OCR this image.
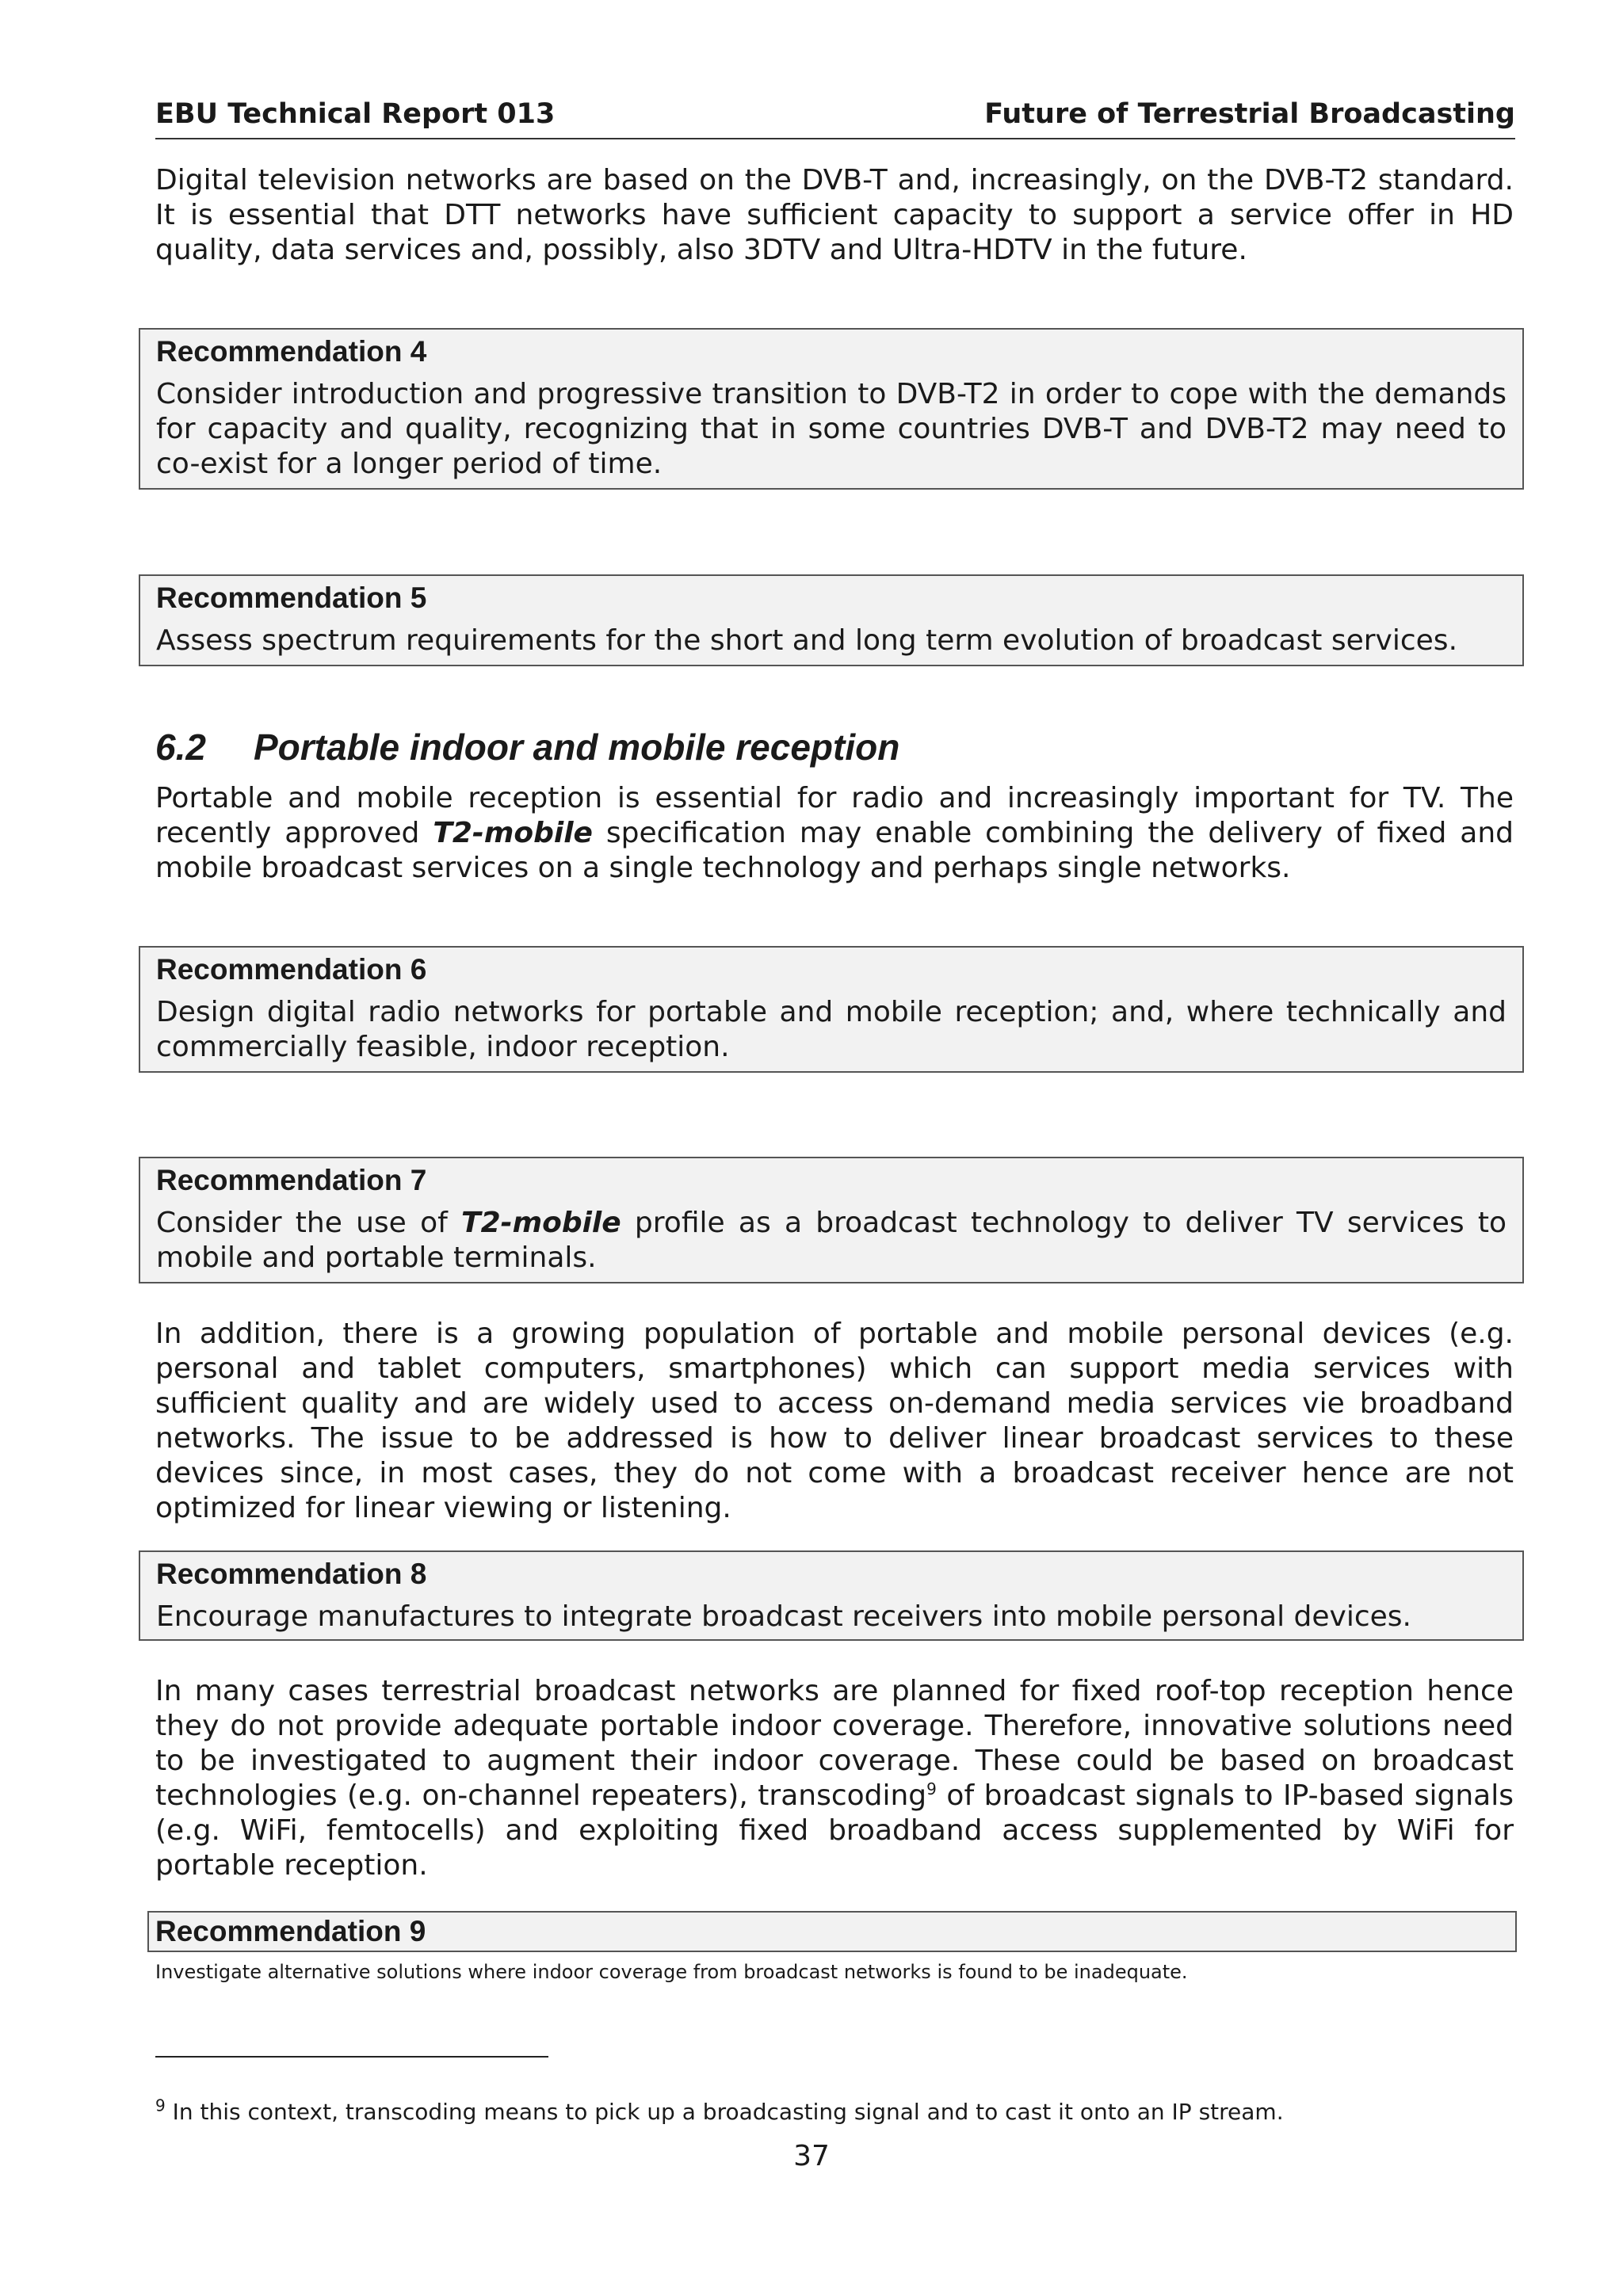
EBU Technical Report 013	Future of Terrestrial Broadcasting

Digital television networks are based on the DVB-T and, increasingly, on the DVB-T2 standard. It is essential that DTT networks have sufficient capacity to support a service offer in HD quality, data services and, possibly, also 3DTV and Ultra-HDTV in the future.

Recommendation 4

Consider introduction and progressive transition to DVB-T2 in order to cope with the demands for capacity and quality, recognizing that in some countries DVB-T and DVB-T2 may need to co-exist for a longer period of time.

Recommendation 5

Assess spectrum requirements for the short and long term evolution of broadcast services.

6.2 Portable indoor and mobile reception

Portable and mobile reception is essential for radio and increasingly important for TV. The recently approved T2-mobile specification may enable combining the delivery of fixed and mobile broadcast services on a single technology and perhaps single networks.

Recommendation 6

Design digital radio networks for portable and mobile reception; and, where technically and commercially feasible, indoor reception.

Recommendation 7

Consider the use of T2-mobile profile as a broadcast technology to deliver TV services to mobile and portable terminals.

In addition, there is a growing population of portable and mobile personal devices (e.g. personal and tablet computers, smartphones) which can support media services with sufficient quality and are widely used to access on-demand media services vie broadband networks. The issue to be addressed is how to deliver linear broadcast services to these devices since, in most cases, they do not come with a broadcast receiver hence are not optimized for linear viewing or listening.

Recommendation 8

Encourage manufactures to integrate broadcast receivers into mobile personal devices.

In many cases terrestrial broadcast networks are planned for fixed roof-top reception hence they do not provide adequate portable indoor coverage. Therefore, innovative solutions need to be investigated to augment their indoor coverage. These could be based on broadcast technologies (e.g. on-channel repeaters), transcoding$^9$ of broadcast signals to IP-based signals (e.g. WiFi, femtocells) and exploiting fixed broadband access supplemented by WiFi for portable reception.

Recommendation 9
Investigate alternative solutions where indoor coverage from broadcast networks is found to be inadequate.
$^9$ In this context, transcoding means to pick up a broadcasting signal and to cast it onto an IP stream.
37
